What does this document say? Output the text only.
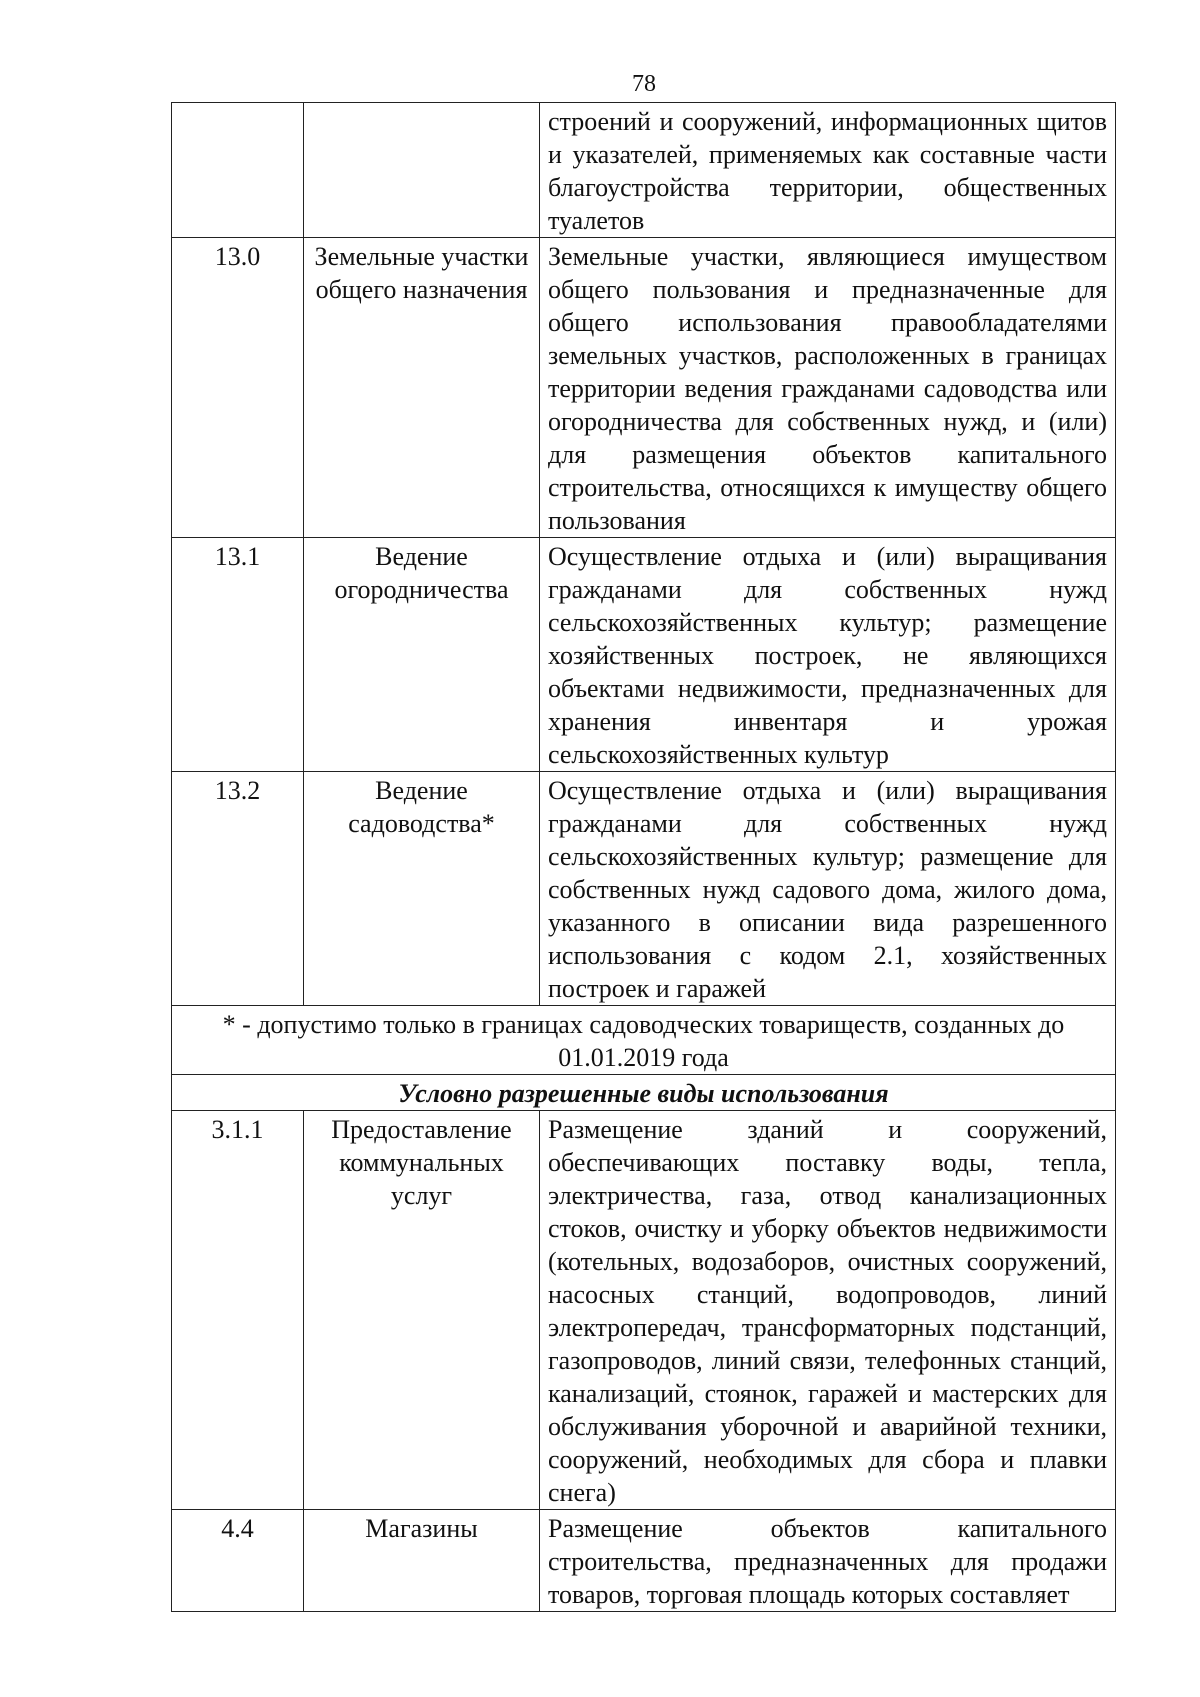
78
		строений и сооружений, информационных щитов и указателей, применяемых как составные части благоустройства территории, общественных туалетов
13.0	Земельные участки общего назначения	Земельные участки, являющиеся имуществом общего пользования и предназначенные для общего использования правообладателями земельных участков, расположенных в границах территории ведения гражданами садоводства или огородничества для собственных нужд, и (или) для размещения объектов капитального строительства, относящихся к имуществу общего пользования
13.1	Ведение огородничества	Осуществление отдыха и (или) выращивания гражданами для собственных нужд сельскохозяйственных культур; размещение хозяйственных построек, не являющихся объектами недвижимости, предназначенных для хранения инвентаря и урожая сельскохозяйственных культур
13.2	Ведение садоводства*	Осуществление отдыха и (или) выращивания гражданами для собственных нужд сельскохозяйственных культур; размещение для собственных нужд садового дома, жилого дома, указанного в описании вида разрешенного использования с кодом 2.1, хозяйственных построек и гаражей
* - допустимо только в границах садоводческих товариществ, созданных до 01.01.2019 года		
Условно разрешенные виды использования		
3.1.1	Предоставление коммунальных услуг	Размещение зданий и сооружений, обеспечивающих поставку воды, тепла, электричества, газа, отвод канализационных стоков, очистку и уборку объектов недвижимости (котельных, водозаборов, очистных сооружений, насосных станций, водопроводов, линий электропередач, трансформаторных подстанций, газопроводов, линий связи, телефонных станций, канализаций, стоянок, гаражей и мастерских для обслуживания уборочной и аварийной техники, сооружений, необходимых для сбора и плавки снега)
4.4	Магазины	Размещение объектов капитального строительства, предназначенных для продажи товаров, торговая площадь которых составляет
